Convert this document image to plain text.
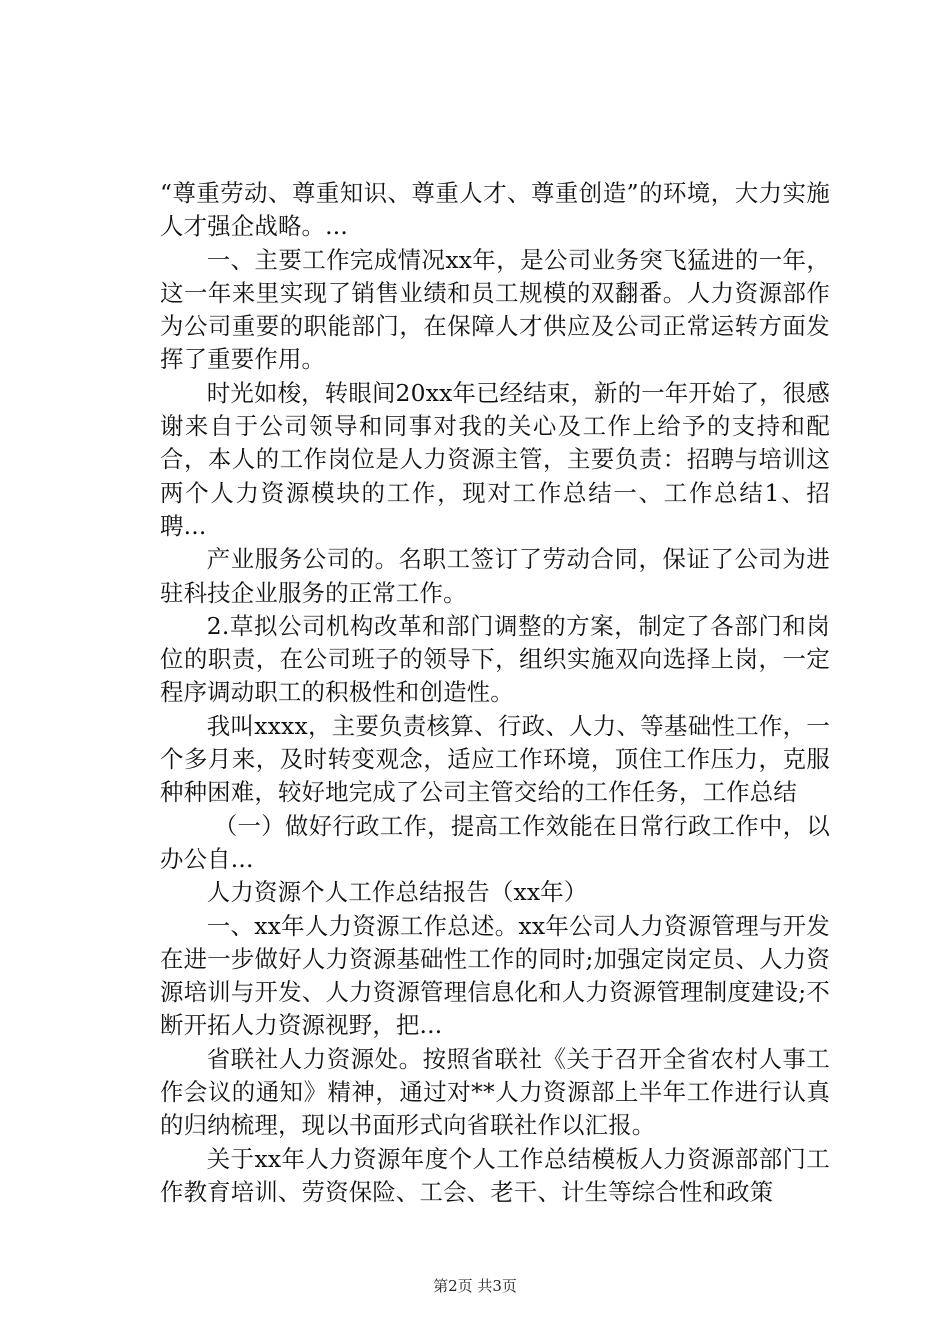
“尊重劳动、尊重知识、尊重人才、尊重创造”的环境，大力实施人才强企战略。...

一、主要工作完成情况xx年，是公司业务突飞猛进的一年，这一年来里实现了销售业绩和员工规模的双翻番。人力资源部作为公司重要的职能部门，在保障人才供应及公司正常运转方面发挥了重要作用。

时光如梭，转眼间20xx年已经结束，新的一年开始了，很感谢来自于公司领导和同事对我的关心及工作上给予的支持和配合，本人的工作岗位是人力资源主管，主要负责：招聘与培训这两个人力资源模块的工作，现对工作总结一、工作总结1、招聘...

产业服务公司的。名职工签订了劳动合同，保证了公司为进驻科技企业服务的正常工作。

2.草拟公司机构改革和部门调整的方案，制定了各部门和岗位的职责，在公司班子的领导下，组织实施双向选择上岗，一定程序调动职工的积极性和创造性。

我叫xxxx，主要负责核算、行政、人力、等基础性工作，一个多月来，及时转变观念，适应工作环境，顶住工作压力，克服种种困难，较好地完成了公司主管交给的工作任务，工作总结

（一）做好行政工作，提高工作效能在日常行政工作中，以办公自...

人力资源个人工作总结报告（xx年）

一、xx年人力资源工作总述。xx年公司人力资源管理与开发在进一步做好人力资源基础性工作的同时;加强定岗定员、人力资源培训与开发、人力资源管理信息化和人力资源管理制度建设;不断开拓人力资源视野，把...

省联社人力资源处。按照省联社《关于召开全省农村人事工作会议的通知》精神，通过对**人力资源部上半年工作进行认真的归纳梳理，现以书面形式向省联社作以汇报。

关于xx年人力资源年度个人工作总结模板人力资源部部门工作教育培训、劳资保险、工会、老干、计生等综合性和政策

第2页 共3页
